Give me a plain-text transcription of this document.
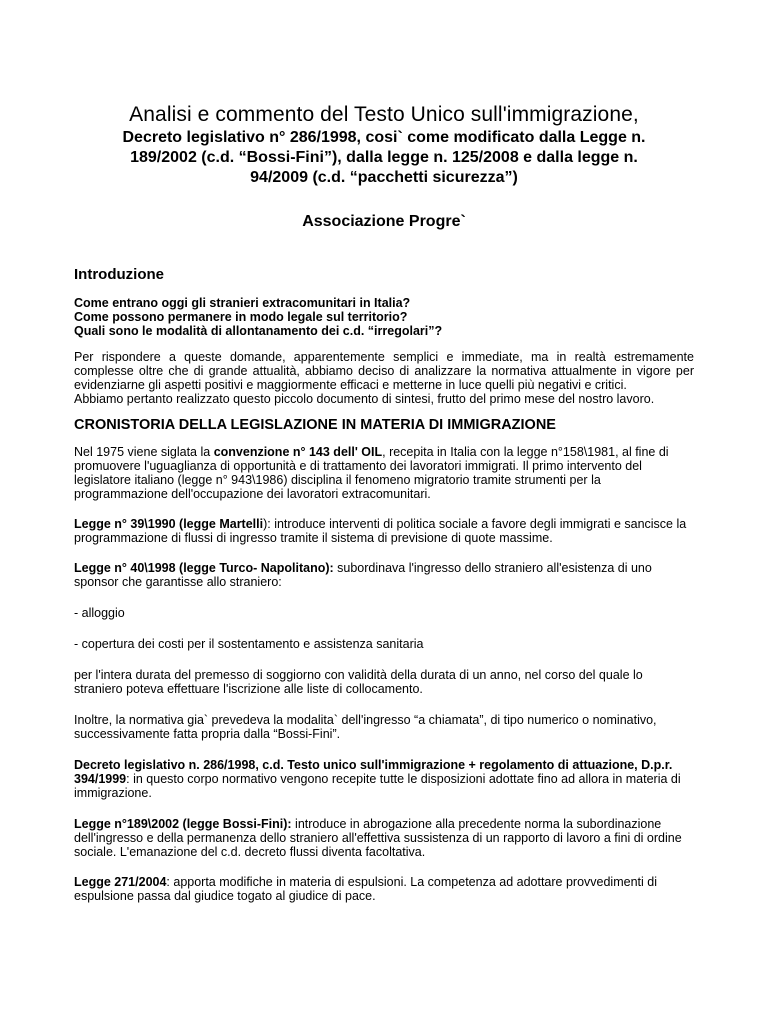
Analisi e commento del Testo Unico sull'immigrazione,
Decreto legislativo n° 286/1998, cosi` come modificato dalla Legge n.
189/2002 (c.d. “Bossi-Fini”), dalla legge n. 125/2008 e dalla legge n.
94/2009 (c.d. “pacchetti sicurezza”)
Associazione Progre`
Introduzione
Come entrano oggi gli stranieri extracomunitari in Italia?
Come possono permanere in modo legale sul territorio?
Quali sono le modalità di allontanamento dei c.d. “irregolari”?

Per rispondere a queste domande, apparentemente semplici e immediate, ma in realtà estremamente complesse oltre che di grande attualità, abbiamo deciso di analizzare la normativa attualmente in vigore per evidenziarne gli aspetti positivi e maggiormente efficaci e metterne in luce quelli più negativi e critici.
Abbiamo pertanto realizzato questo piccolo documento di sintesi, frutto del primo mese del nostro lavoro.

CRONISTORIA DELLA LEGISLAZIONE IN MATERIA DI IMMIGRAZIONE

Nel 1975 viene siglata la convenzione n° 143 dell' OIL, recepita in Italia con la legge n°158\1981, al fine di promuovere l'uguaglianza di opportunità e di trattamento dei lavoratori immigrati. Il primo intervento del legislatore italiano (legge n° 943\1986) disciplina il fenomeno migratorio tramite strumenti per la programmazione dell'occupazione dei lavoratori extracomunitari.

Legge n° 39\1990 (legge Martelli): introduce interventi di politica sociale a favore degli immigrati e sancisce la programmazione di flussi di ingresso tramite il sistema di previsione di quote massime.

Legge n° 40\1998 (legge Turco- Napolitano): subordinava l'ingresso dello straniero all'esistenza di uno sponsor che garantisse allo straniero:

- alloggio

- copertura dei costi per il sostentamento e assistenza sanitaria

per l'intera durata del premesso di soggiorno con validità della durata di un anno, nel corso del quale lo straniero poteva effettuare l'iscrizione alle liste di collocamento.

Inoltre, la normativa gia` prevedeva la modalita` dell'ingresso “a chiamata”, di tipo numerico o nominativo, successivamente fatta propria dalla “Bossi-Fini”.

Decreto legislativo n. 286/1998, c.d. Testo unico sull'immigrazione + regolamento di attuazione, D.p.r. 394/1999: in questo corpo normativo vengono recepite tutte le disposizioni adottate fino ad allora in materia di immigrazione.

Legge n°189\2002 (legge Bossi-Fini): introduce in abrogazione alla precedente norma la subordinazione dell'ingresso e della permanenza dello straniero all'effettiva sussistenza di un rapporto di lavoro a fini di ordine sociale. L'emanazione del c.d. decreto flussi diventa facoltativa.

Legge 271/2004: apporta modifiche in materia di espulsioni. La competenza ad adottare provvedimenti di espulsione passa dal giudice togato al giudice di pace.
